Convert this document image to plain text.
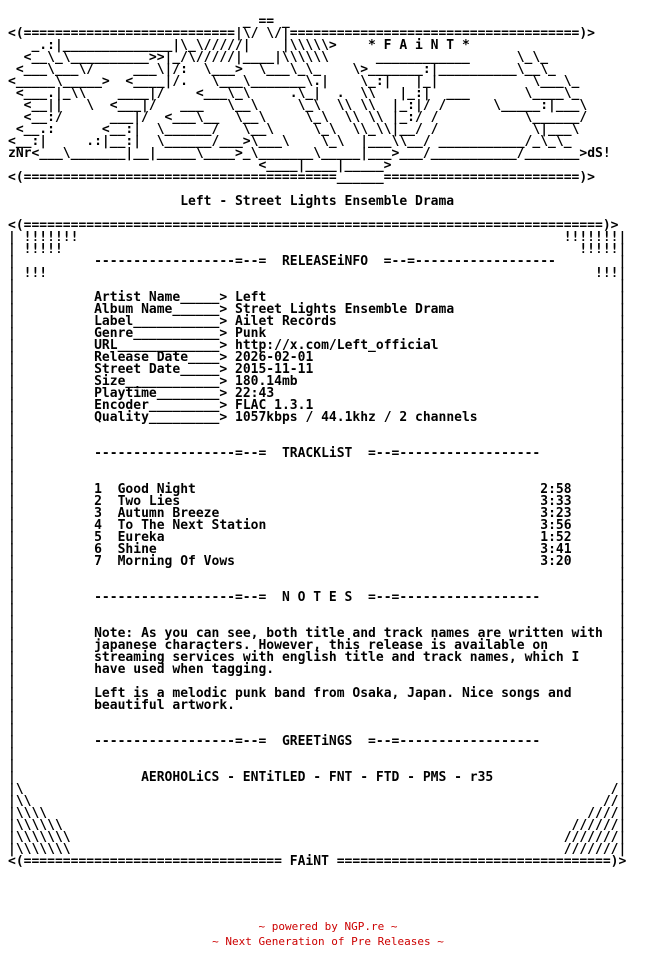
_ == _
<(===========================|\/ \/|=====================================)>
_.:|______________|\_\/////|    |\\\\\>    * F A i N T *
<__\_\__________>>|_/\/////|____|\\\\\\      ____________      \_\_
<___\___\/     ___\|/:  \___>  \___\_\_    \>_______:|__________\__\_
<_____\_____>  <____|/.   \___\_______\.|    \_:|   |_|            \___\_
<___.|_\\    ____|/    <___\_\     .\_|  .  \\   |_:|  ___       \____\_
<__||   \  <___|/   ___   \__\     \_\  \\ \\  |_:|/ /      \_____:|___\
<__:/      ___|/  <___\__  \__\     \_\  \\ \\ |_:/ /           \______/
<__.:      <__:|  \______/   \__\     \_\  \\_\\|__/ /            \|___\
<__:|     .:|__:|  \______/___>\___\    \_\  |___\\__/ ___________/_\_\_
zNr<___\_______|__|_____\____>_\_______\_____|___>___/___________/_______>dS!
<____|____|_____>
<(========================================______=========================)>
Left - Street Lights Ensemble Drama
<(==========================================================================)>
| !!!!!!!                                                              !!!!!!!|
| !!!!!                                                                  !!!!!|
|          ------------------=--=  RELEASEiNFO  =--=------------------        |
| !!!                                                                      !!!|
|                                                                             |
|	Artist Name_____> Left                                             |
|	Album Name______> Street Lights Ensemble Drama                     |
|	Label___________> Ailet Records                                    |
|	Genre___________> Punk                                             |
|	URL_____________> http://x.com/Left_official                       |
|	Release Date____> 2026-02-01                                       |
|	Street Date_____> 2015-11-11                                       |
|	Size____________> 180.14mb                                         |
|	Playtime________> 22:43                                            |
|	Encoder_________> FLAC 1.3.1                                       |
|	Quality_________> 1057kbps / 44.1khz / 2 channels                  |
|                                                                             |
|                                                                             |
|          ------------------=--=  TRACKLiST  =--=------------------          |
|                                                                             |
|                                                                             |
|	1 Good Night	2:58      |
|	2 Two Lies	3:33      |
|	3 Autumn Breeze	3:23      |
|	4 To The Next Station	3:56      |
|	5 Eureka	1:52      |
|	6 Shine	3:41      |
|	7 Morning Of Vows	3:20      |
|                                                                             |
|                                                                             |
|          ------------------=--=  N O T E S  =--=------------------          |
|                                                                             |
|                                                                             |
|	Note: As you can see, both title and track names are written with  |
|	japanese characters. However, this release is available on         |
|	streaming services with english title and track names, which I     |
|	have used when tagging.                                            |
|                                                                             |
|	Left is a melodic punk band from Osaka, Japan. Nice songs and      |
|	beautiful artwork.                                                 |
|                                                                             |
|                                                                             |
|          ------------------=--=  GREETiNGS  =--=------------------          |
|                                                                             |
|                                                                             |
|	AEROHOLiCS - ENTiTLED - FNT - FTD - PMS - r35                |
|\                                                                           /|
|\\                                                                         //|
|\\\\                                                                     ////|
|\\\\\\                                                                 //////|
|\\\\\\\                                                               ///////|
|\\\\\\\                                                               ///////|
<(================================= FAiNT ===================================)>
~ powered by NGP.re ~
~ Next Generation of Pre Releases ~
